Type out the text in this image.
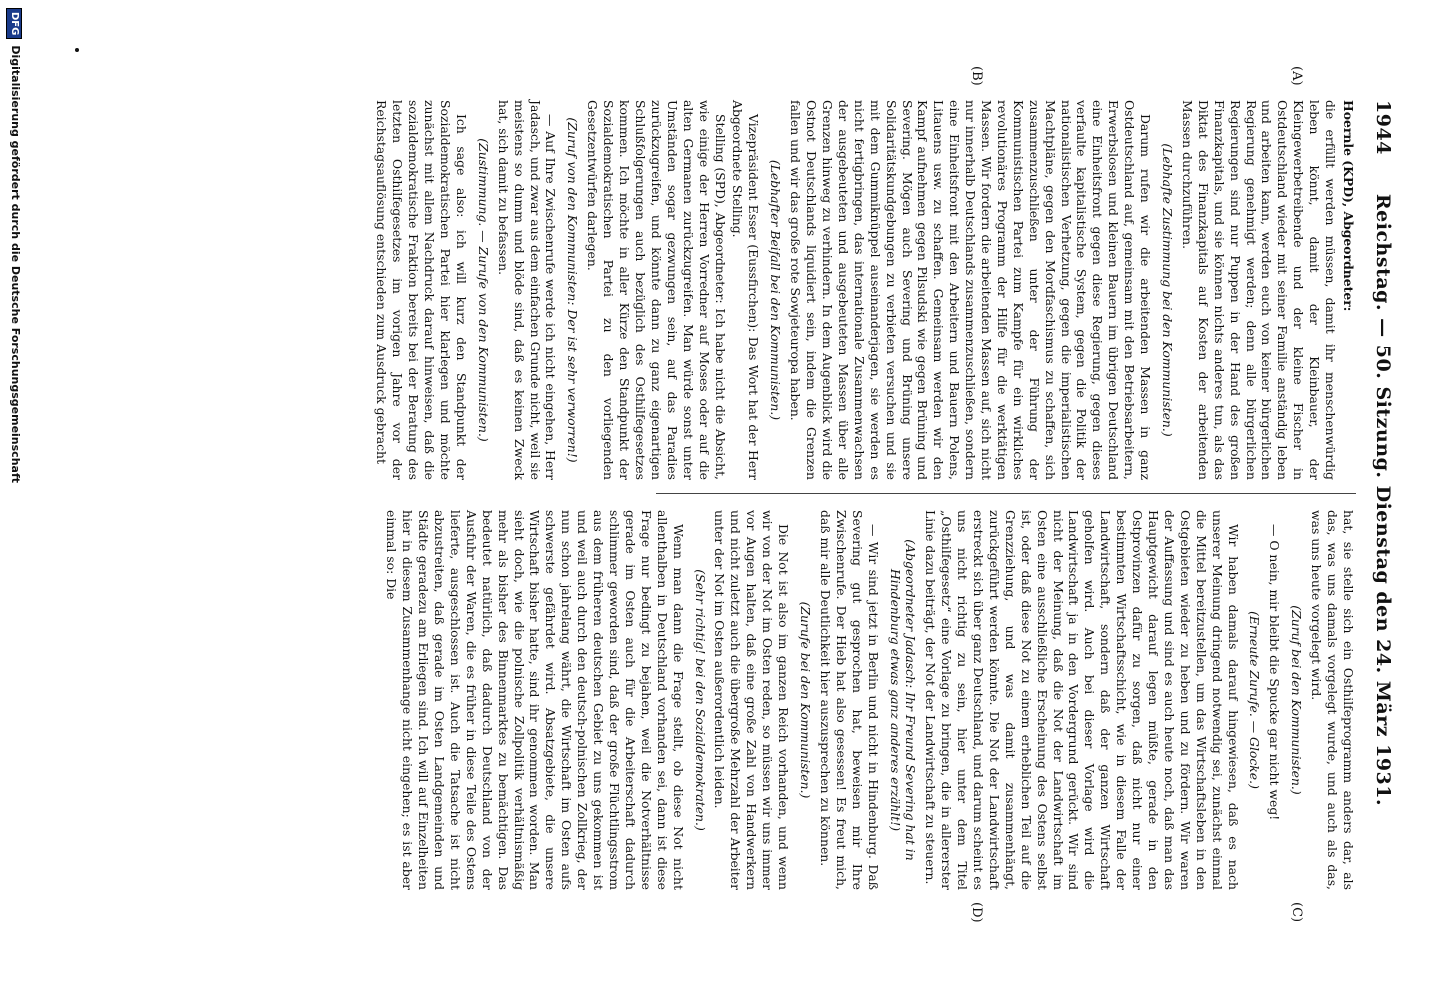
1944
Reichstag. — 50. Sitzung. Dienstag den 24. März 1931.
(A)
(B)
(C)
(D)

Hoernle (KPD), Abgeordneter:

die erfüllt werden müssen, damit ihr menschenwürdig leben könnt, damit der Kleinbauer, der Kleingewerbetreibende und der kleine Fischer in Ostdeutschland wieder mit seiner Familie anständig leben und arbeiten kann, werden euch von keiner bürgerlichen Regierung genehmigt werden; denn alle bürgerlichen Regierungen sind nur Puppen in der Hand des großen Finanzkapitals, und sie können nichts anderes tun, als das Diktat des Finanzkapitals auf Kosten der arbeitenden Massen durchzuführen.

(Lebhafte Zustimmung bei den Kommunisten.)

Darum rufen wir die arbeitenden Massen in ganz Ostdeutschland auf, gemeinsam mit den Betriebsarbeitern, Erwerbslosen und kleinen Bauern im übrigen Deutschland eine Einheitsfront gegen diese Regierung, gegen dieses verfaulte kapitalistische System, gegen die Politik der nationalistischen Verhetzung, gegen die imperialistischen Machtpläne, gegen den Mordfaschismus zu schaffen, sich zusammenzuschließen unter der Führung der Kommunistischen Partei zum Kampfe für ein wirkliches revolutionäres Programm der Hilfe für die werktätigen Massen. Wir fordern die arbeitenden Massen auf, sich nicht nur innerhalb Deutschlands zusammenzuschließen, sondern eine Einheitsfront mit den Arbeitern und Bauern Polens, Litauens usw. zu schaffen. Gemeinsam werden wir den Kampf aufnehmen gegen Pilsudski wie gegen Brüning und Severing. Mögen auch Severing und Brüning unsere Solidaritätskundgebungen zu verbieten versuchen und sie mit dem Gummiknüppel auseinanderjagen, sie werden es nicht fertigbringen, das internationale Zusammenwachsen der ausgebeuteten und ausgebeuteten Massen über alle Grenzen hinweg zu verhindern. In dem Augenblick wird die Ostnot Deutschlands liquidiert sein, indem die Grenzen fallen und wir das große rote Sowjeteuropa haben.

(Lebhafter Beifall bei den Kommunisten.)

Vizepräsident Esser (Eussfirchen): Das Wort hat der Herr Abgeordnete Stelling.

Stelling (SPD), Abgeordneter: Ich habe nicht die Absicht, wie einige der Herren Vorredner auf Moses oder auf die alten Germanen zurückzugreifen. Man würde sonst unter Umständen sogar gezwungen sein, auf das Paradies zurückzugreifen, und könnte dann zu ganz eigenartigen Schlußfolgerungen auch bezüglich des Osthilfegesetzes kommen. Ich möchte in aller Kürze den Standpunkt der Sozialdemokratischen Partei zu den vorliegenden Gesetzentwürfen darlegen.

(Zuruf von den Kommunisten: Der ist sehr verworren!)

— Auf Ihre Zwischenrufe werde ich nicht eingehen, Herr Jadasch, und zwar aus dem einfachen Grunde nicht, weil sie meistens so dumm und blöde sind, daß es keinen Zweck hat, sich damit zu befassen.

(Zustimmung. — Zurufe von den Kommunisten.)

Ich sage also: ich will kurz den Standpunkt der Sozialdemokratischen Partei hier klarlegen und möchte zunächst mit allem Nachdruck darauf hinweisen, daß die sozialdemokratische Fraktion bereits bei der Beratung des letzten Osthilfegesetzes im vorigen Jahre vor der Reichstagsauflösung entschieden zum Ausdruck gebracht

hat, sie stelle sich ein Osthilfeprogramm anders dar, als das, was uns damals vorgelegt wurde, und auch als das, was uns heute vorgelegt wird.

(Zuruf bei den Kommunisten.)

— O nein, mir bleibt die Spucke gar nicht weg!

(Erneute Zurufe. — Glocke.)

Wir haben damals darauf hingewiesen, daß es nach unserer Meinung dringend notwendig sei, zunächst einmal die Mittel bereitzustellen, um das Wirtschaftsleben in den Ostgebieten wieder zu heben und zu fördern. Wir waren der Auffassung und sind es auch heute noch, daß man das Hauptgewicht darauf legen müßte, gerade in den Ostprovinzen dafür zu sorgen, daß nicht nur einer bestimmten Wirtschaftsschicht, wie in diesem Falle der Landwirtschaft, sondern daß der ganzen Wirtschaft geholfen wird. Auch bei dieser Vorlage wird die Landwirtschaft ja in den Vordergrund gerückt. Wir sind nicht der Meinung, daß die Not der Landwirtschaft im Osten eine ausschließliche Erscheinung des Ostens selbst ist, oder daß diese Not zu einem erheblichen Teil auf die Grenzziehung, und was damit zusammenhängt, zurückgeführt werden könnte. Die Not der Landwirtschaft erstreckt sich über ganz Deutschland, und darum scheint es uns nicht richtig zu sein, hier unter dem Titel „Osthilfegesetz“ eine Vorlage zu bringen, die in allererster Linie dazu beiträgt, der Not der Landwirtschaft zu steuern.

(Abgeordneter Jadasch: Ihr Freund Severing hat in Hindenburg etwas ganz anderes erzählt!)

— Wir sind jetzt in Berlin und nicht in Hindenburg. Daß Severing gut gesprochen hat, beweisen mir Ihre Zwischenrufe. Der Hieb hat also gesessen! Es freut mich, daß mir alle Deutlichkeit hier auszusprechen zu können.

(Zurufe bei den Kommunisten.)

Die Not ist also im ganzen Reich vorhanden, und wenn wir von der Not im Osten reden, so müssen wir uns immer vor Augen halten, daß eine große Zahl von Handwerkern und nicht zuletzt auch die übergroße Mehrzahl der Arbeiter unter der Not im Osten außerordentlich leiden.

(Sehr richtig! bei den Sozialdemokraten.)

Wenn man dann die Frage stellt, ob diese Not nicht allenthalben in Deutschland vorhanden sei, dann ist diese Frage nur bedingt zu bejahen, weil die Notverhältnisse gerade im Osten auch für die Arbeiterschaft dadurch schlimmer geworden sind, daß der große Flüchtlingsstrom aus dem früheren deutschen Gebiet zu uns gekommen ist und weil auch durch den deutsch-polnischen Zollkrieg, der nun schon jahrelang währt, die Wirtschaft im Osten aufs schwerste gefährdet wird. Absatzgebiete, die unsere Wirtschaft bisher hatte, sind ihr genommen worden. Man sieht doch, wie die polnische Zollpolitik verhältnismäßig mehr als bisher des Binnenmarktes zu bemächtigen. Das bedeutet natürlich, daß dadurch Deutschland von der Ausfuhr der Waren, die es früher in diese Teile des Ostens lieferte, ausgeschlossen ist. Auch die Tatsache ist nicht abzustreiten, daß gerade im Osten Landgemeinden und Städte geradezu am Erliegen sind. Ich will auf Einzelheiten hier in diesem Zusammenhange nicht eingehen; es ist aber einmal so: Die

DFGDigitalisierung gefördert durch die Deutsche Forschungsgemeinschaft
